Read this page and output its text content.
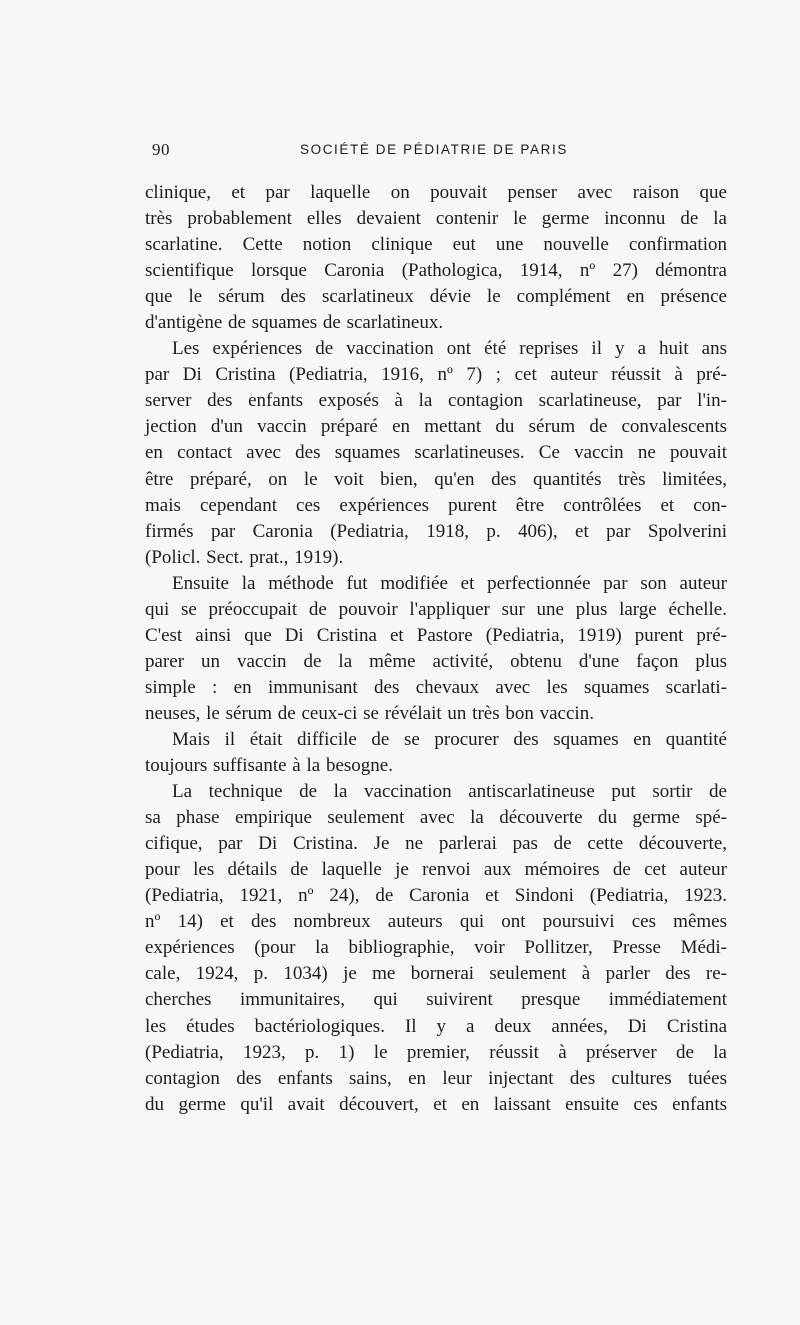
90	SOCIÉTÉ DE PÉDIATRIE DE PARIS
clinique, et par laquelle on pouvait penser avec raison que
très probablement elles devaient contenir le germe inconnu de la
scarlatine. Cette notion clinique eut une nouvelle confirmation
scientifique lorsque Caronia (Pathologica, 1914, nº 27) démontra
que le sérum des scarlatineux dévie le complément en présence
d'antigène de squames de scarlatineux.
Les expériences de vaccination ont été reprises il y a huit ans
par Di Cristina (Pediatria, 1916, nº 7) ; cet auteur réussit à pré-
server des enfants exposés à la contagion scarlatineuse, par l'in-
jection d'un vaccin préparé en mettant du sérum de convalescents
en contact avec des squames scarlatineuses. Ce vaccin ne pouvait
être préparé, on le voit bien, qu'en des quantités très limitées,
mais cependant ces expériences purent être contrôlées et con-
firmés par Caronia (Pediatria, 1918, p. 406), et par Spolverini
(Policl. Sect. prat., 1919).
Ensuite la méthode fut modifiée et perfectionnée par son auteur
qui se préoccupait de pouvoir l'appliquer sur une plus large échelle.
C'est ainsi que Di Cristina et Pastore (Pediatria, 1919) purent pré-
parer un vaccin de la même activité, obtenu d'une façon plus
simple : en immunisant des chevaux avec les squames scarlati-
neuses, le sérum de ceux-ci se révélait un très bon vaccin.
Mais il était difficile de se procurer des squames en quantité
toujours suffisante à la besogne.
La technique de la vaccination antiscarlatineuse put sortir de
sa phase empirique seulement avec la découverte du germe spé-
cifique, par Di Cristina. Je ne parlerai pas de cette découverte,
pour les détails de laquelle je renvoi aux mémoires de cet auteur
(Pediatria, 1921, nº 24), de Caronia et Sindoni (Pediatria, 1923.
nº 14) et des nombreux auteurs qui ont poursuivi ces mêmes
expériences (pour la bibliographie, voir Pollitzer, Presse Médi-
cale, 1924, p. 1034) je me bornerai seulement à parler des re-
cherches immunitaires, qui suivirent presque immédiatement
les études bactériologiques. Il y a deux années, Di Cristina
(Pediatria, 1923, p. 1) le premier, réussit à préserver de la
contagion des enfants sains, en leur injectant des cultures tuées
du germe qu'il avait découvert, et en laissant ensuite ces enfants
